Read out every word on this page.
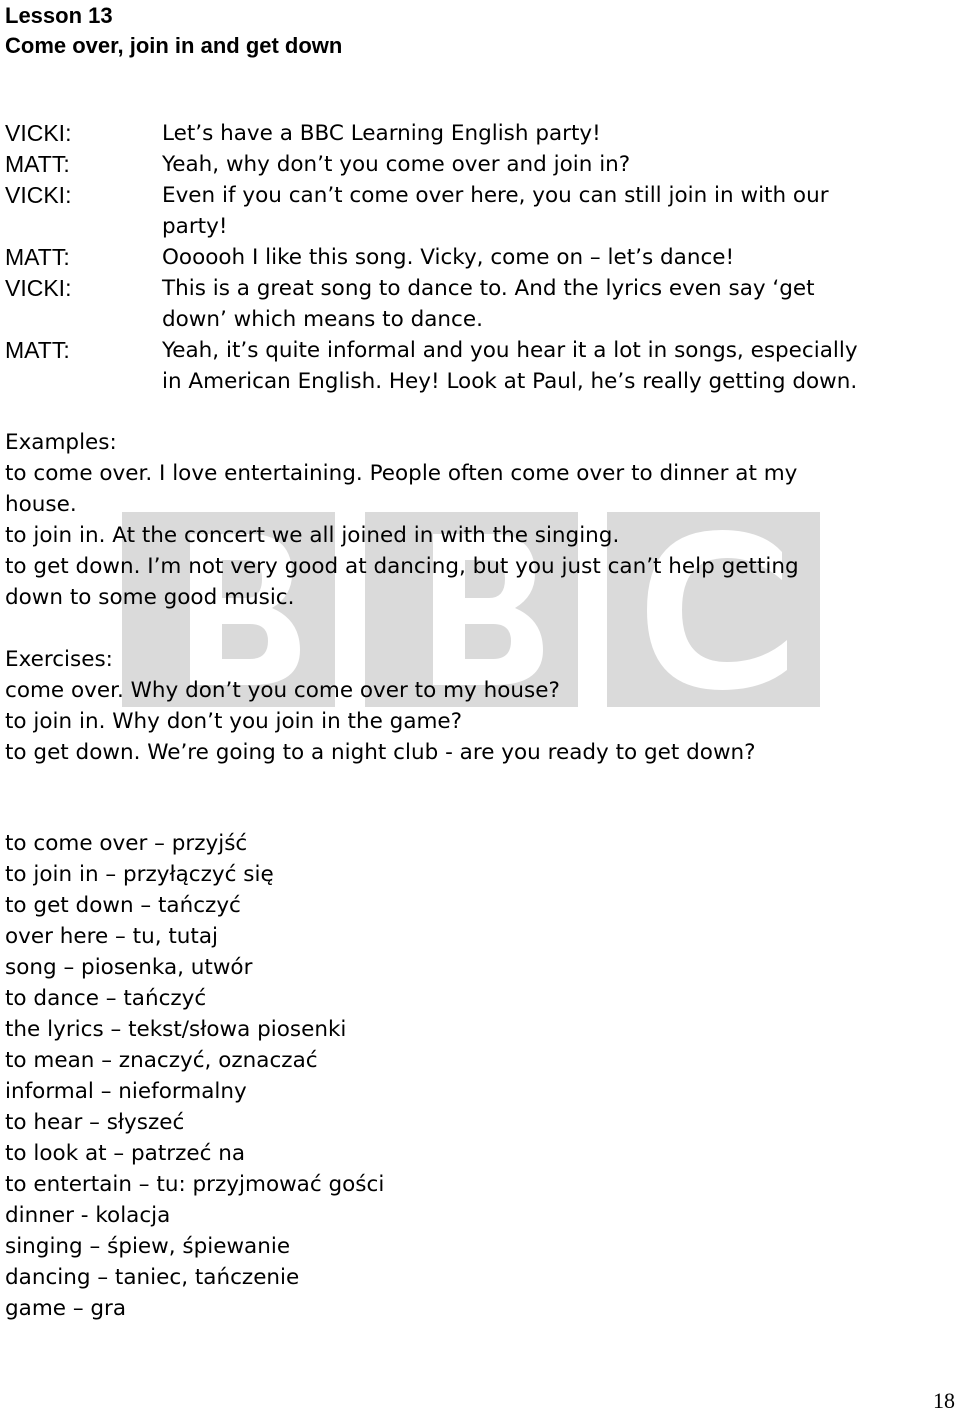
Lesson 13
Come over, join in and get down
VICKI:	Let’s have a BBC Learning English party!
MATT:	Yeah, why don’t you come over and join in?
VICKI:	Even if you can’t come over here, you can still join in with our
party!
MATT:	Oooooh I like this song. Vicky, come on – let’s dance!
VICKI:	This is a great song to dance to. And the lyrics even say ‘get
down’ which means to dance.
MATT:	Yeah, it’s quite informal and you hear it a lot in songs, especially
in American English. Hey! Look at Paul, he’s really getting down.

Examples:

to come over. I love entertaining. People often come over to dinner at my

house.

to join in. At the concert we all joined in with the singing.

to get down. I’m not very good at dancing, but you just can’t help getting

down to some good music.

Exercises:

come over. Why don’t you come over to my house?

to join in. Why don’t you join in the game?

to get down. We’re going to a night club - are you ready to get down?

to come over – przyjść

to join in – przyłączyć się

to get down – tańczyć

over here – tu, tutaj

song – piosenka, utwór

to dance – tańczyć

the lyrics – tekst/słowa piosenki

to mean – znaczyć, oznaczać

informal – nieformalny

to hear – słyszeć

to look at – patrzeć na

to entertain – tu: przyjmować gości

dinner - kolacja

singing – śpiew, śpiewanie

dancing – taniec, tańczenie

game – gra

18
